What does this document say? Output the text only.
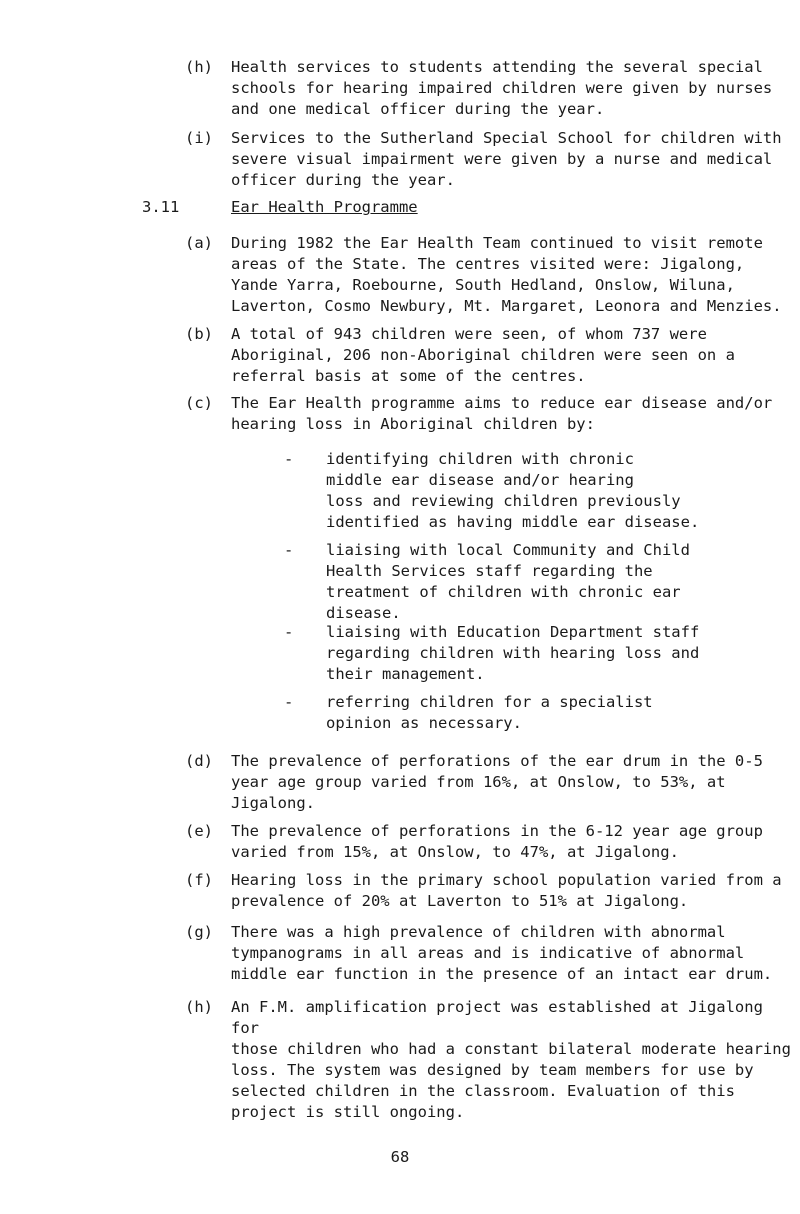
(h) Health services to students attending the several special
schools for hearing impaired children were given by nurses
and one medical officer during the year.
(i) Services to the Sutherland Special School for children with
severe visual impairment were given by a nurse and medical
officer during the year.
3.11	Ear Health Programme
(a) During 1982 the Ear Health Team continued to visit remote
areas of the State. The centres visited were: Jigalong,
Yande Yarra, Roebourne, South Hedland, Onslow, Wiluna,
Laverton, Cosmo Newbury, Mt. Margaret, Leonora and Menzies.
(b) A total of 943 children were seen, of whom 737 were
Aboriginal, 206 non-Aboriginal children were seen on a
referral basis at some of the centres.
(c) The Ear Health programme aims to reduce ear disease and/or
hearing loss in Aboriginal children by:
- identifying children with chronic
middle ear disease and/or hearing
loss and reviewing children previously
identified as having middle ear disease.
- liaising with local Community and Child
Health Services staff regarding the
treatment of children with chronic ear
disease.
- liaising with Education Department staff
regarding children with hearing loss and
their management.
- referring children for a specialist
opinion as necessary.
(d) The prevalence of perforations of the ear drum in the 0-5
year age group varied from 16%, at Onslow, to 53%, at
Jigalong.
(e) The prevalence of perforations in the 6-12 year age group
varied from 15%, at Onslow, to 47%, at Jigalong.
(f) Hearing loss in the primary school population varied from a
prevalence of 20% at Laverton to 51% at Jigalong.
(g) There was a high prevalence of children with abnormal
tympanograms in all areas and is indicative of abnormal
middle ear function in the presence of an intact ear drum.
(h) An F.M. amplification project was established at Jigalong for
those children who had a constant bilateral moderate hearing
loss. The system was designed by team members for use by
selected children in the classroom. Evaluation of this
project is still ongoing.
68
